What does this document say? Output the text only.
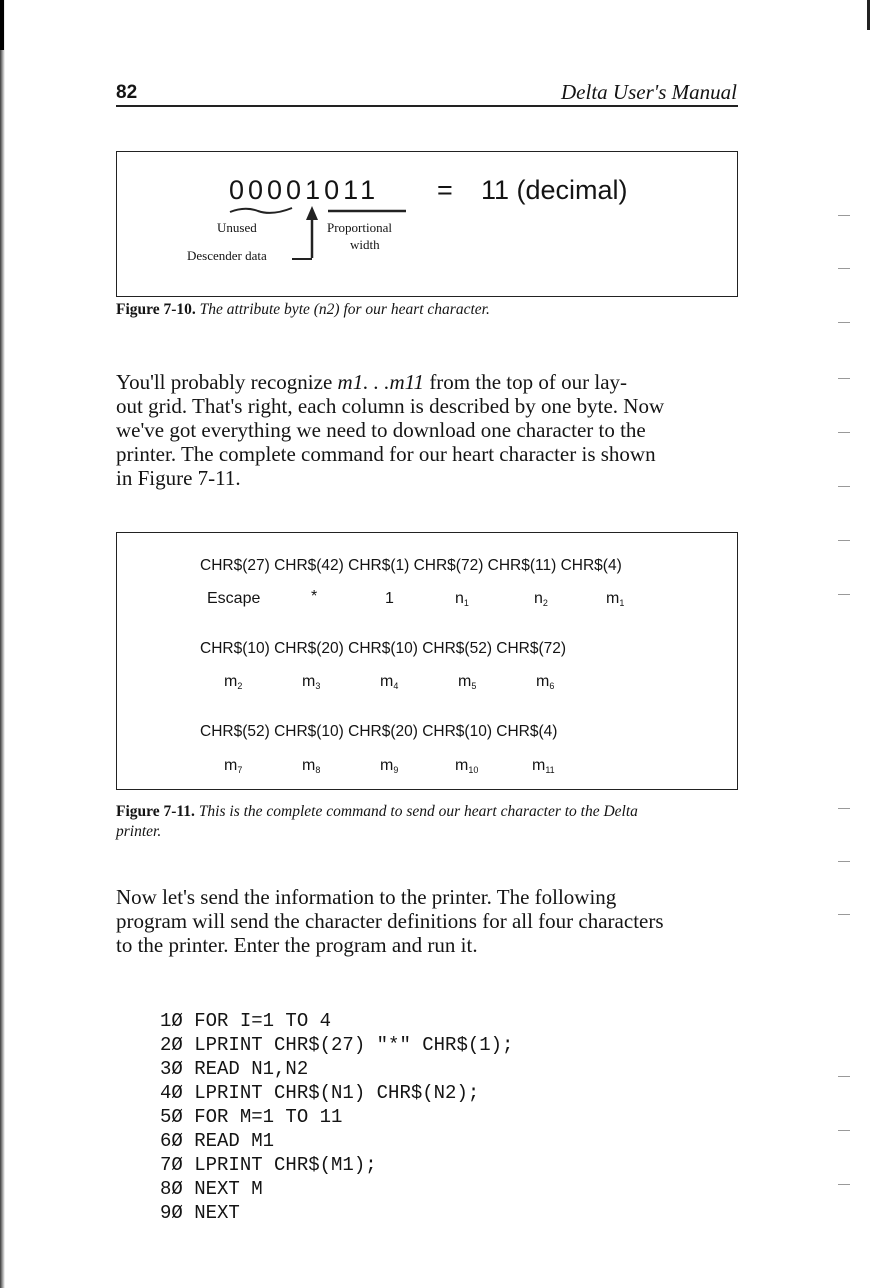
82	Delta User's Manual
00001011 = 11 (decimal)
Unused	Proportional
width
Descender data
Figure 7-10. The attribute byte (n2) for our heart character.
You'll probably recognize m1. . .m11 from the top of our lay-
out grid. That's right, each column is described by one byte. Now
we've got everything we need to download one character to the
printer. The complete command for our heart character is shown
in Figure 7-11.
CHR$(27) CHR$(42) CHR$(1) CHR$(72) CHR$(11) CHR$(4)
Escape	*	1	$n_1$	$n_2$	$m_1$
CHR$(10) CHR$(20) CHR$(10) CHR$(52) CHR$(72)
$m_2$	$m_3$	$m_4$	$m_5$	$m_6$
CHR$(52) CHR$(10) CHR$(20) CHR$(10) CHR$(4)
$m_7$	$m_8$	$m_9$	$m_{10}$	$m_{11}$
Figure 7-11. This is the complete command to send our heart character to the Delta
printer.
Now let's send the information to the printer. The following
program will send the character definitions for all four characters
to the printer. Enter the program and run it.
1Ø FOR I=1 TO 4
2Ø LPRINT CHR$(27) "*" CHR$(1);
3Ø READ N1,N2
4Ø LPRINT CHR$(N1) CHR$(N2);
5Ø FOR M=1 TO 11
6Ø READ M1
7Ø LPRINT CHR$(M1);
8Ø NEXT M
9Ø NEXT
